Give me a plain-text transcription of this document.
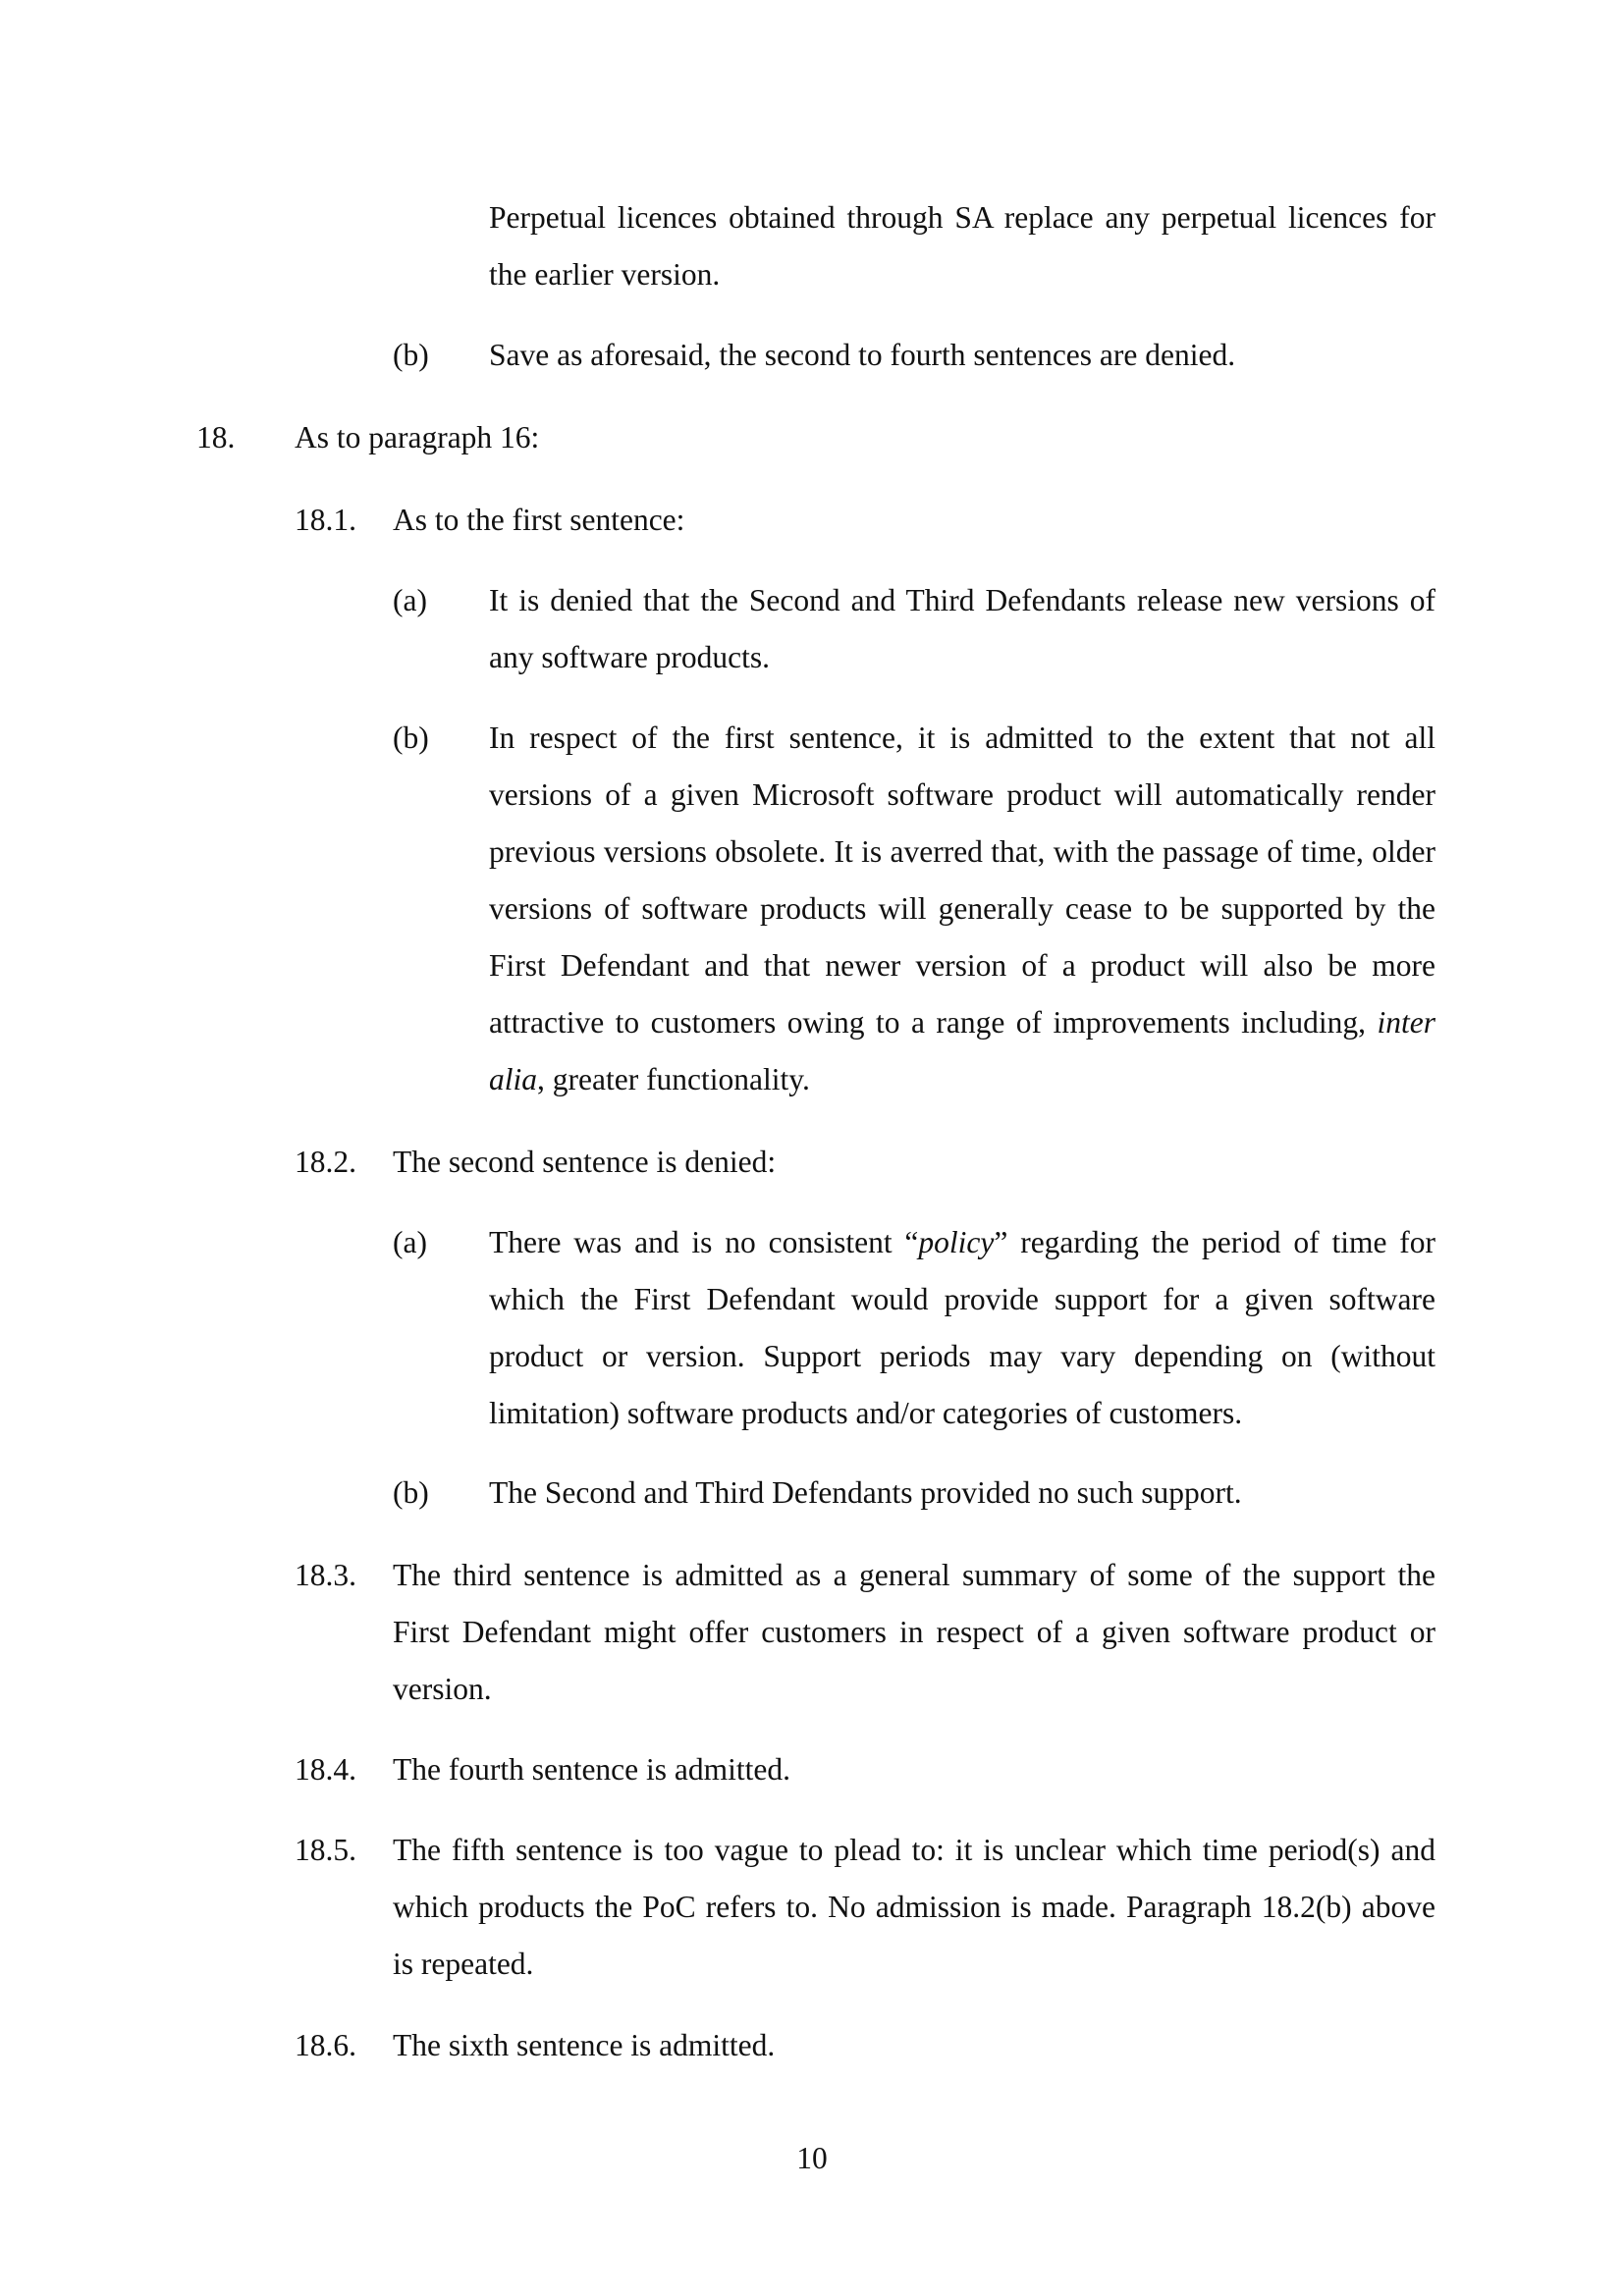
Perpetual licences obtained through SA replace any perpetual licences for the earlier version.
(b) Save as aforesaid, the second to fourth sentences are denied.
18. As to paragraph 16:
18.1. As to the first sentence:
(a) It is denied that the Second and Third Defendants release new versions of any software products.
(b) In respect of the first sentence, it is admitted to the extent that not all versions of a given Microsoft software product will automatically render previous versions obsolete. It is averred that, with the passage of time, older versions of software products will generally cease to be supported by the First Defendant and that newer version of a product will also be more attractive to customers owing to a range of improvements including, inter alia, greater functionality.
18.2. The second sentence is denied:
(a) There was and is no consistent “policy” regarding the period of time for which the First Defendant would provide support for a given software product or version. Support periods may vary depending on (without limitation) software products and/or categories of customers.
(b) The Second and Third Defendants provided no such support.
18.3. The third sentence is admitted as a general summary of some of the support the First Defendant might offer customers in respect of a given software product or version.
18.4. The fourth sentence is admitted.
18.5. The fifth sentence is too vague to plead to: it is unclear which time period(s) and which products the PoC refers to. No admission is made. Paragraph 18.2(b) above is repeated.
18.6. The sixth sentence is admitted.
10
